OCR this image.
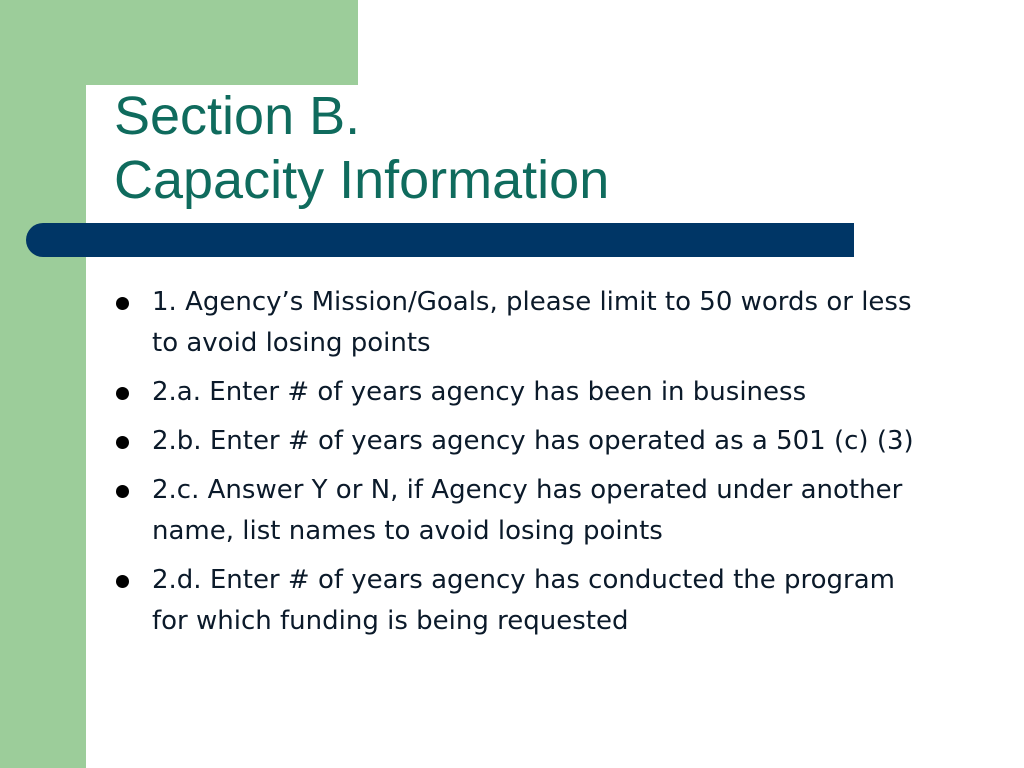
Section B.
Capacity Information
1. Agency’s Mission/Goals, please limit to 50 words or less to avoid losing points
2.a. Enter # of years agency has been in business
2.b. Enter # of years agency has operated as a 501 (c) (3)
2.c. Answer Y or N, if Agency has operated under another name, list names to avoid losing points
2.d. Enter # of years agency has conducted the program for which funding is being requested
